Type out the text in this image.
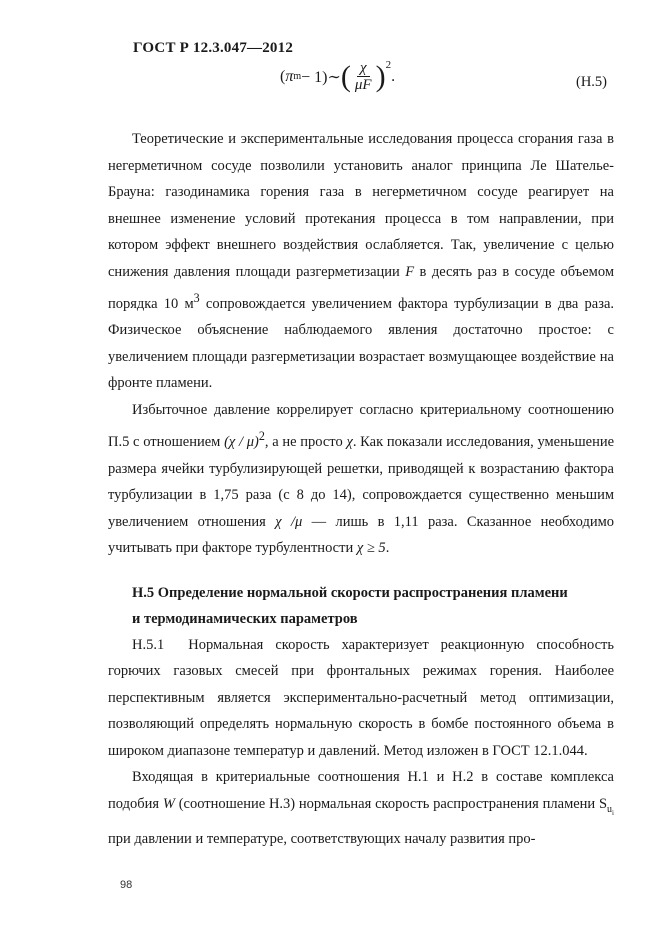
ГОСТ Р 12.3.047—2012
( π m − 1)∼ ( $\frac{\chi}{\mu F} )^2$
.	(Н.5)

Теоретические и экспериментальные исследования процесса сгорания газа в негерметичном сосуде позволили установить аналог принципа Ле Шателье-Брауна: газодинамика горения газа в негерметичном сосуде реагирует на внешнее изменение условий протекания процесса в том направлении, при котором эффект внешнего воздействия ослабляется. Так, увеличение с целью снижения давления площади разгерметизации F в десять раз в сосуде объемом порядка 10 $м^3$ сопровождается увеличением фактора турбулизации в два раза. Физическое объяснение наблюдаемого явления достаточно простое: с увеличением площади разгерметизации возрастает возмущающее воздействие на фронте пламени.

Избыточное давление коррелирует согласно критериальному соотношению П.5 с отношением (χ / μ)$^2$, а не просто χ. Как показали исследования, уменьшение размера ячейки турбулизирующей решетки, приводящей к возрастанию фактора турбулизации в 1,75 раза (с 8 до 14), сопровождается существенно меньшим увеличением отношения χ /μ — лишь в 1,11 раза. Сказанное необходимо учитывать при факторе турбулентности χ ≥ 5.

Н.5 Определение нормальной скорости распространения пламени
и термодинамических параметров

Н.5.1 Нормальная скорость характеризует реакционную способность горючих газовых смесей при фронтальных режимах горения. Наиболее перспективным является экспериментально-расчетный метод оптимизации, позволяющий определять нормальную скорость в бомбе постоянного объема в широком диапазоне температур и давлений. Метод изложен в ГОСТ 12.1.044.

Входящая в критериальные соотношения Н.1 и Н.2 в составе комплекса подобия W (соотношение Н.3) нормальная скорость распространения пламени $S_{u_i}$ при давлении и температуре, соответствующих началу развития про-

98
